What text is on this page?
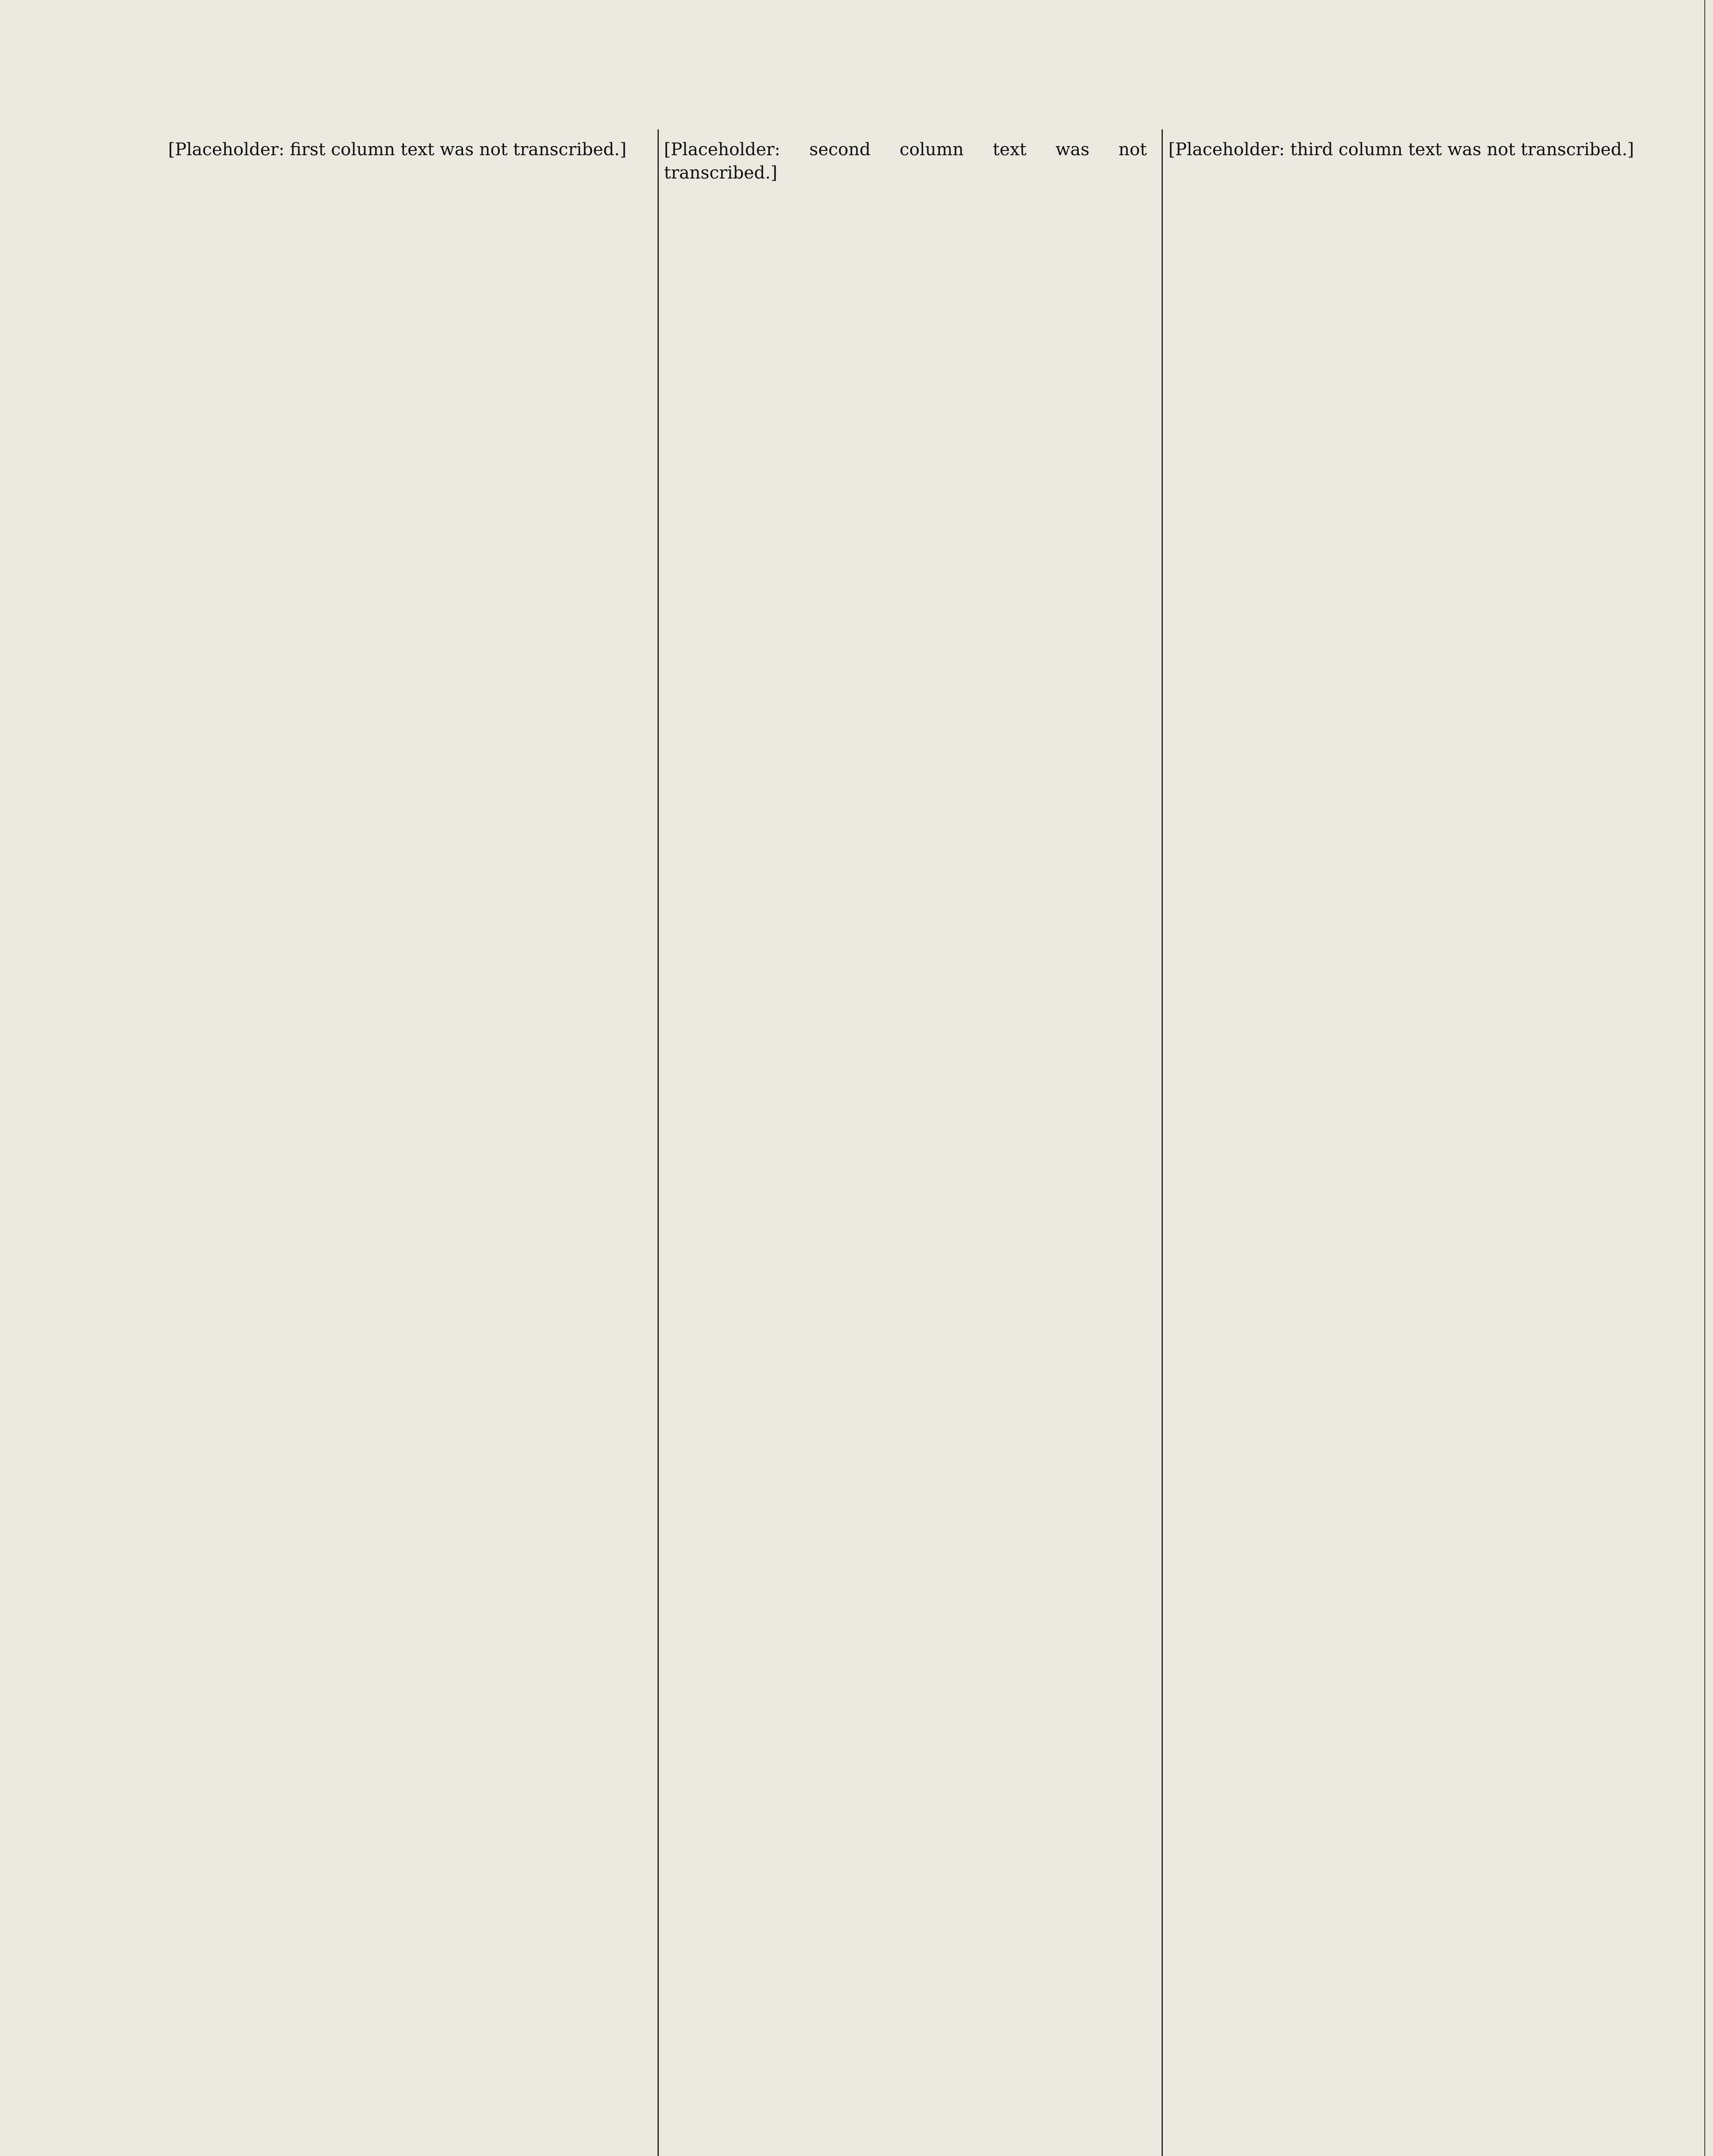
[Placeholder: first column text was not transcribed.]	[Placeholder: second column text was not transcribed.]

[Placeholder: third column text was not transcribed.]
